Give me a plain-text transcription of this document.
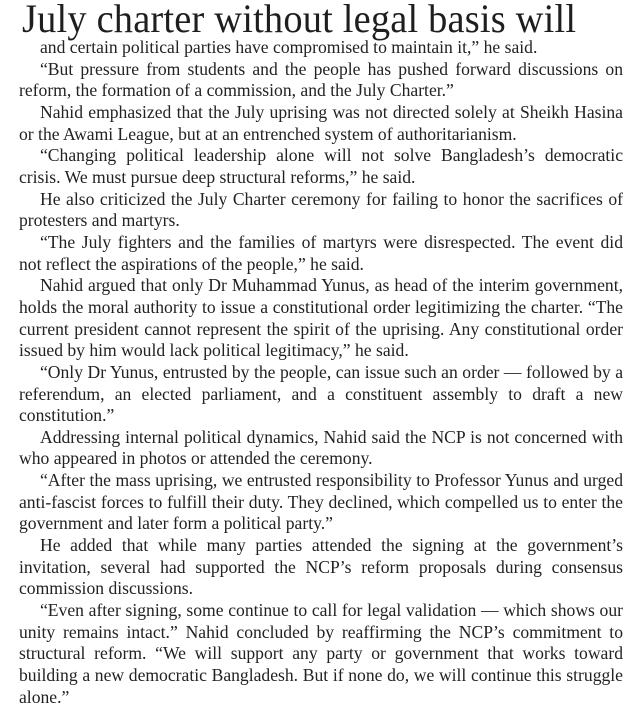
July charter without legal basis will

and certain political parties have compromised to maintain it,” he said.

“But pressure from students and the people has pushed forward discussions on reform, the formation of a commission, and the July Charter.”

Nahid emphasized that the July uprising was not directed solely at Sheikh Hasina or the Awami League, but at an entrenched system of authoritarianism.

“Changing political leadership alone will not solve Bangladesh’s democratic crisis. We must pursue deep structural reforms,” he said.

He also criticized the July Charter ceremony for failing to honor the sacrifices of protesters and martyrs.

“The July fighters and the families of martyrs were disrespected. The event did not reflect the aspirations of the people,” he said.

Nahid argued that only Dr Muhammad Yunus, as head of the interim government, holds the moral authority to issue a constitutional order legitimizing the charter. “The current president cannot represent the spirit of the uprising. Any constitutional order issued by him would lack political legitimacy,” he said.

“Only Dr Yunus, entrusted by the people, can issue such an order — followed by a referendum, an elected parliament, and a constituent assembly to draft a new constitution.”

Addressing internal political dynamics, Nahid said the NCP is not concerned with who appeared in photos or attended the ceremony.

“After the mass uprising, we entrusted responsibility to Professor Yunus and urged anti-fascist forces to fulfill their duty. They declined, which compelled us to enter the government and later form a political party.”

He added that while many parties attended the signing at the government’s invitation, several had supported the NCP’s reform proposals during consensus commission discussions.

“Even after signing, some continue to call for legal validation — which shows our unity remains intact.” Nahid concluded by reaffirming the NCP’s commitment to structural reform. “We will support any party or government that works toward building a new democratic Bangladesh. But if none do, we will continue this struggle alone.”
